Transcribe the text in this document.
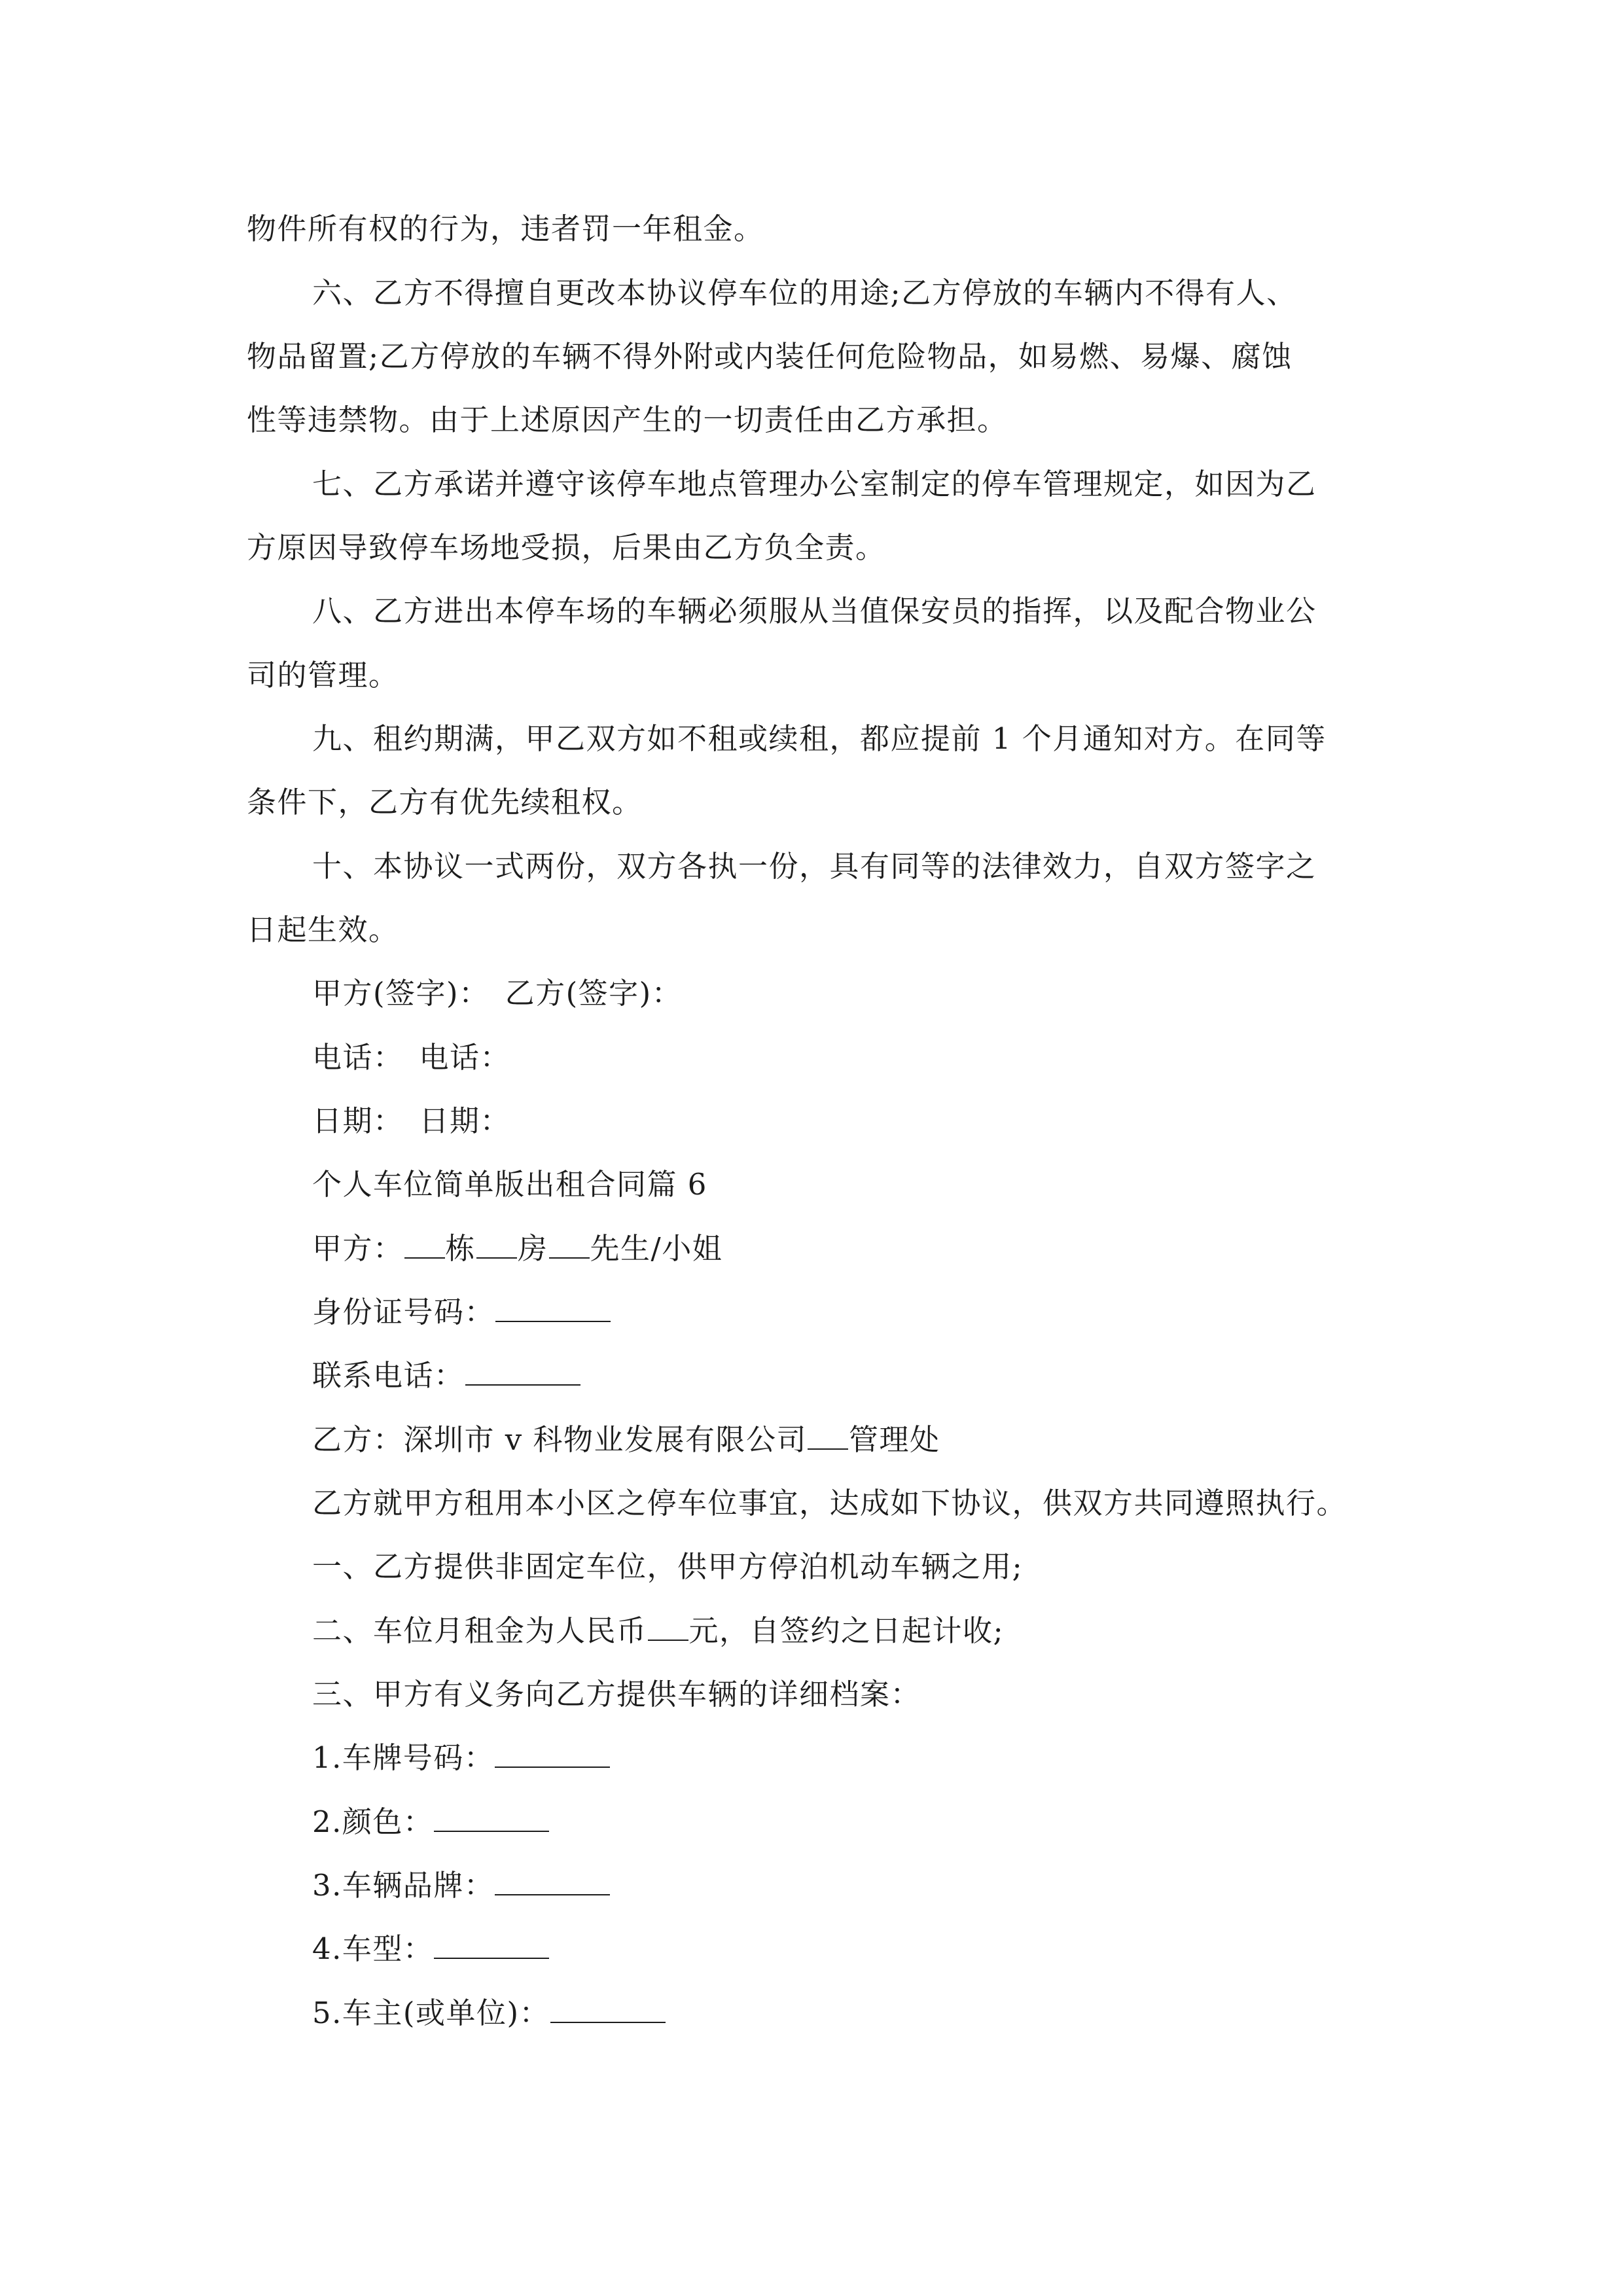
物件所有权的行为，违者罚一年租金。
六、乙方不得擅自更改本协议停车位的用途;乙方停放的车辆内不得有人、
物品留置;乙方停放的车辆不得外附或内装任何危险物品，如易燃、易爆、腐蚀
性等违禁物。由于上述原因产生的一切责任由乙方承担。
七、乙方承诺并遵守该停车地点管理办公室制定的停车管理规定，如因为乙
方原因导致停车场地受损，后果由乙方负全责。
八、乙方进出本停车场的车辆必须服从当值保安员的指挥，以及配合物业公
司的管理。
九、租约期满，甲乙双方如不租或续租，都应提前 1 个月通知对方。在同等
条件下，乙方有优先续租权。
十、本协议一式两份，双方各执一份，具有同等的法律效力，自双方签字之
日起生效。
甲方(签字)：　乙方(签字)：
电话：　电话：
日期：　日期：
个人车位简单版出租合同篇 6
甲方： 栋 房 先生/小姐
身份证号码：
联系电话：
乙方：深圳市 v 科物业发展有限公司 管理处
乙方就甲方租用本小区之停车位事宜，达成如下协议，供双方共同遵照执行。
一、乙方提供非固定车位，供甲方停泊机动车辆之用;
二、车位月租金为人民币 元，自签约之日起计收;
三、甲方有义务向乙方提供车辆的详细档案：
1.车牌号码：
2.颜色：
3.车辆品牌：
4.车型：
5.车主(或单位)：
